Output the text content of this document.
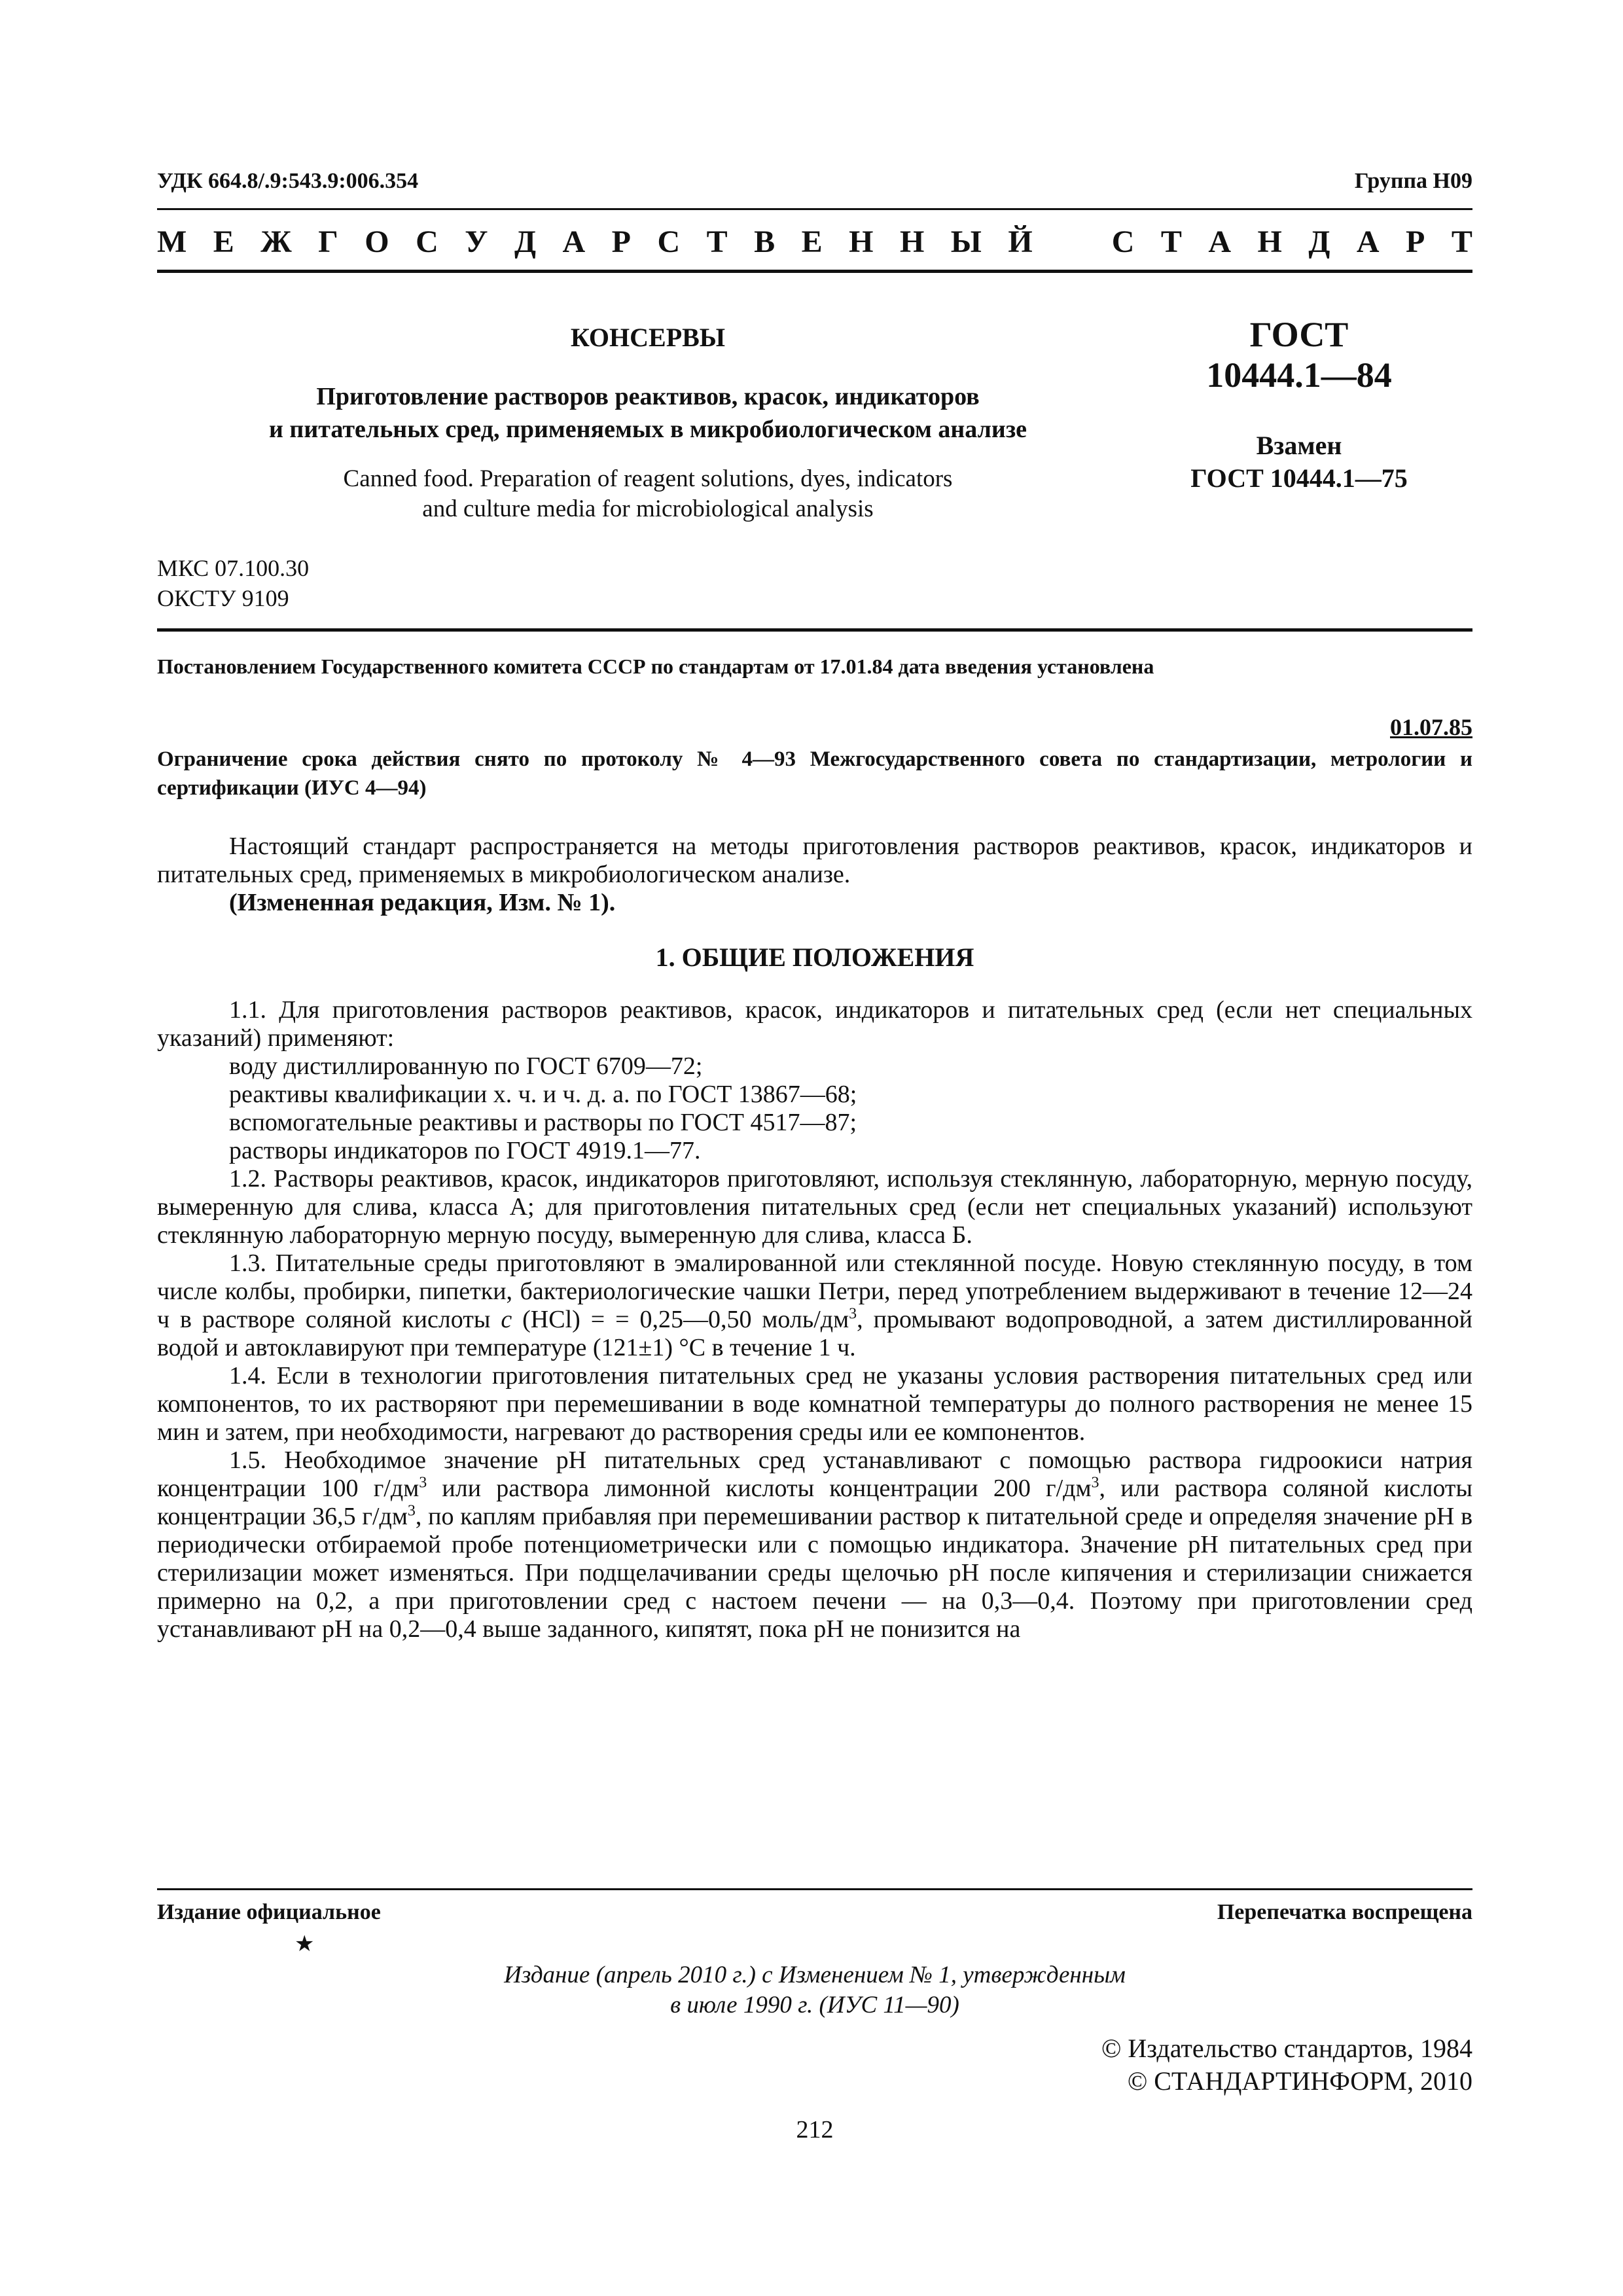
УДК 664.8/.9:543.9:006.354	Группа Н09
М Е Ж Г О С У Д А Р С Т В Е Н Н Ы Й	С Т А Н Д А Р Т
КОНСЕРВЫ
Приготовление растворов реактивов, красок, индикаторов
и питательных сред, применяемых в микробиологическом анализе
Canned food. Preparation of reagent solutions, dyes, indicators
and culture media for microbiological analysis
ГОСТ
10444.1—84
Взамен
ГОСТ 10444.1—75
МКС 07.100.30
ОКСТУ 9109
Постановлением Государственного комитета СССР по стандартам от 17.01.84 дата введения установлена
01.07.85
Ограничение срока действия снято по протоколу № 4—93 Межгосударственного совета по стандартизации, метрологии и сертификации (ИУС 4—94)

Настоящий стандарт распространяется на методы приготовления растворов реактивов, красок, индикаторов и питательных сред, применяемых в микробиологическом анализе.

(Измененная редакция, Изм. № 1).

1. ОБЩИЕ ПОЛОЖЕНИЯ

1.1. Для приготовления растворов реактивов, красок, индикаторов и питательных сред (если нет специальных указаний) применяют:

воду дистиллированную по ГОСТ 6709—72;

реактивы квалификации х. ч. и ч. д. а. по ГОСТ 13867—68;

вспомогательные реактивы и растворы по ГОСТ 4517—87;

растворы индикаторов по ГОСТ 4919.1—77.

1.2. Растворы реактивов, красок, индикаторов приготовляют, используя стеклянную, лабораторную, мерную посуду, вымеренную для слива, класса А; для приготовления питательных сред (если нет специальных указаний) используют стеклянную лабораторную мерную посуду, вымеренную для слива, класса Б.

1.3. Питательные среды приготовляют в эмалированной или стеклянной посуде. Новую стеклянную посуду, в том числе колбы, пробирки, пипетки, бактериологические чашки Петри, перед употреблением выдерживают в течение 12—24 ч в растворе соляной кислоты c (HCl) = = 0,25—0,50 моль/$дм^3$, промывают водопроводной, а затем дистиллированной водой и автоклавируют при температуре (121±1) °С в течение 1 ч.

1.4. Если в технологии приготовления питательных сред не указаны условия растворения питательных сред или компонентов, то их растворяют при перемешивании в воде комнатной температуры до полного растворения не менее 15 мин и затем, при необходимости, нагревают до растворения среды или ее компонентов.

1.5. Необходимое значение pH питательных сред устанавливают с помощью раствора гидроокиси натрия концентрации 100 $г/дм^3$ или раствора лимонной кислоты концентрации 200 $г/дм^3$, или раствора соляной кислоты концентрации 36,5 $г/дм^3$, по каплям прибавляя при перемешивании раствор к питательной среде и определяя значение pH в периодически отбираемой пробе потенциометрически или с помощью индикатора. Значение pH питательных сред при стерилизации может изменяться. При подщелачивании среды щелочью pH после кипячения и стерилизации снижается примерно на 0,2, а при приготовлении сред с настоем печени — на 0,3—0,4. Поэтому при приготовлении сред устанавливают pH на 0,2—0,4 выше заданного, кипятят, пока pH не понизится на

Издание официальное	Перепечатка воспрещена
★
Издание (апрель 2010 г.) с Изменением № 1, утвержденным
в июле 1990 г. (ИУС 11—90)
© Издательство стандартов, 1984
© СТАНДАРТИНФОРМ, 2010
212
